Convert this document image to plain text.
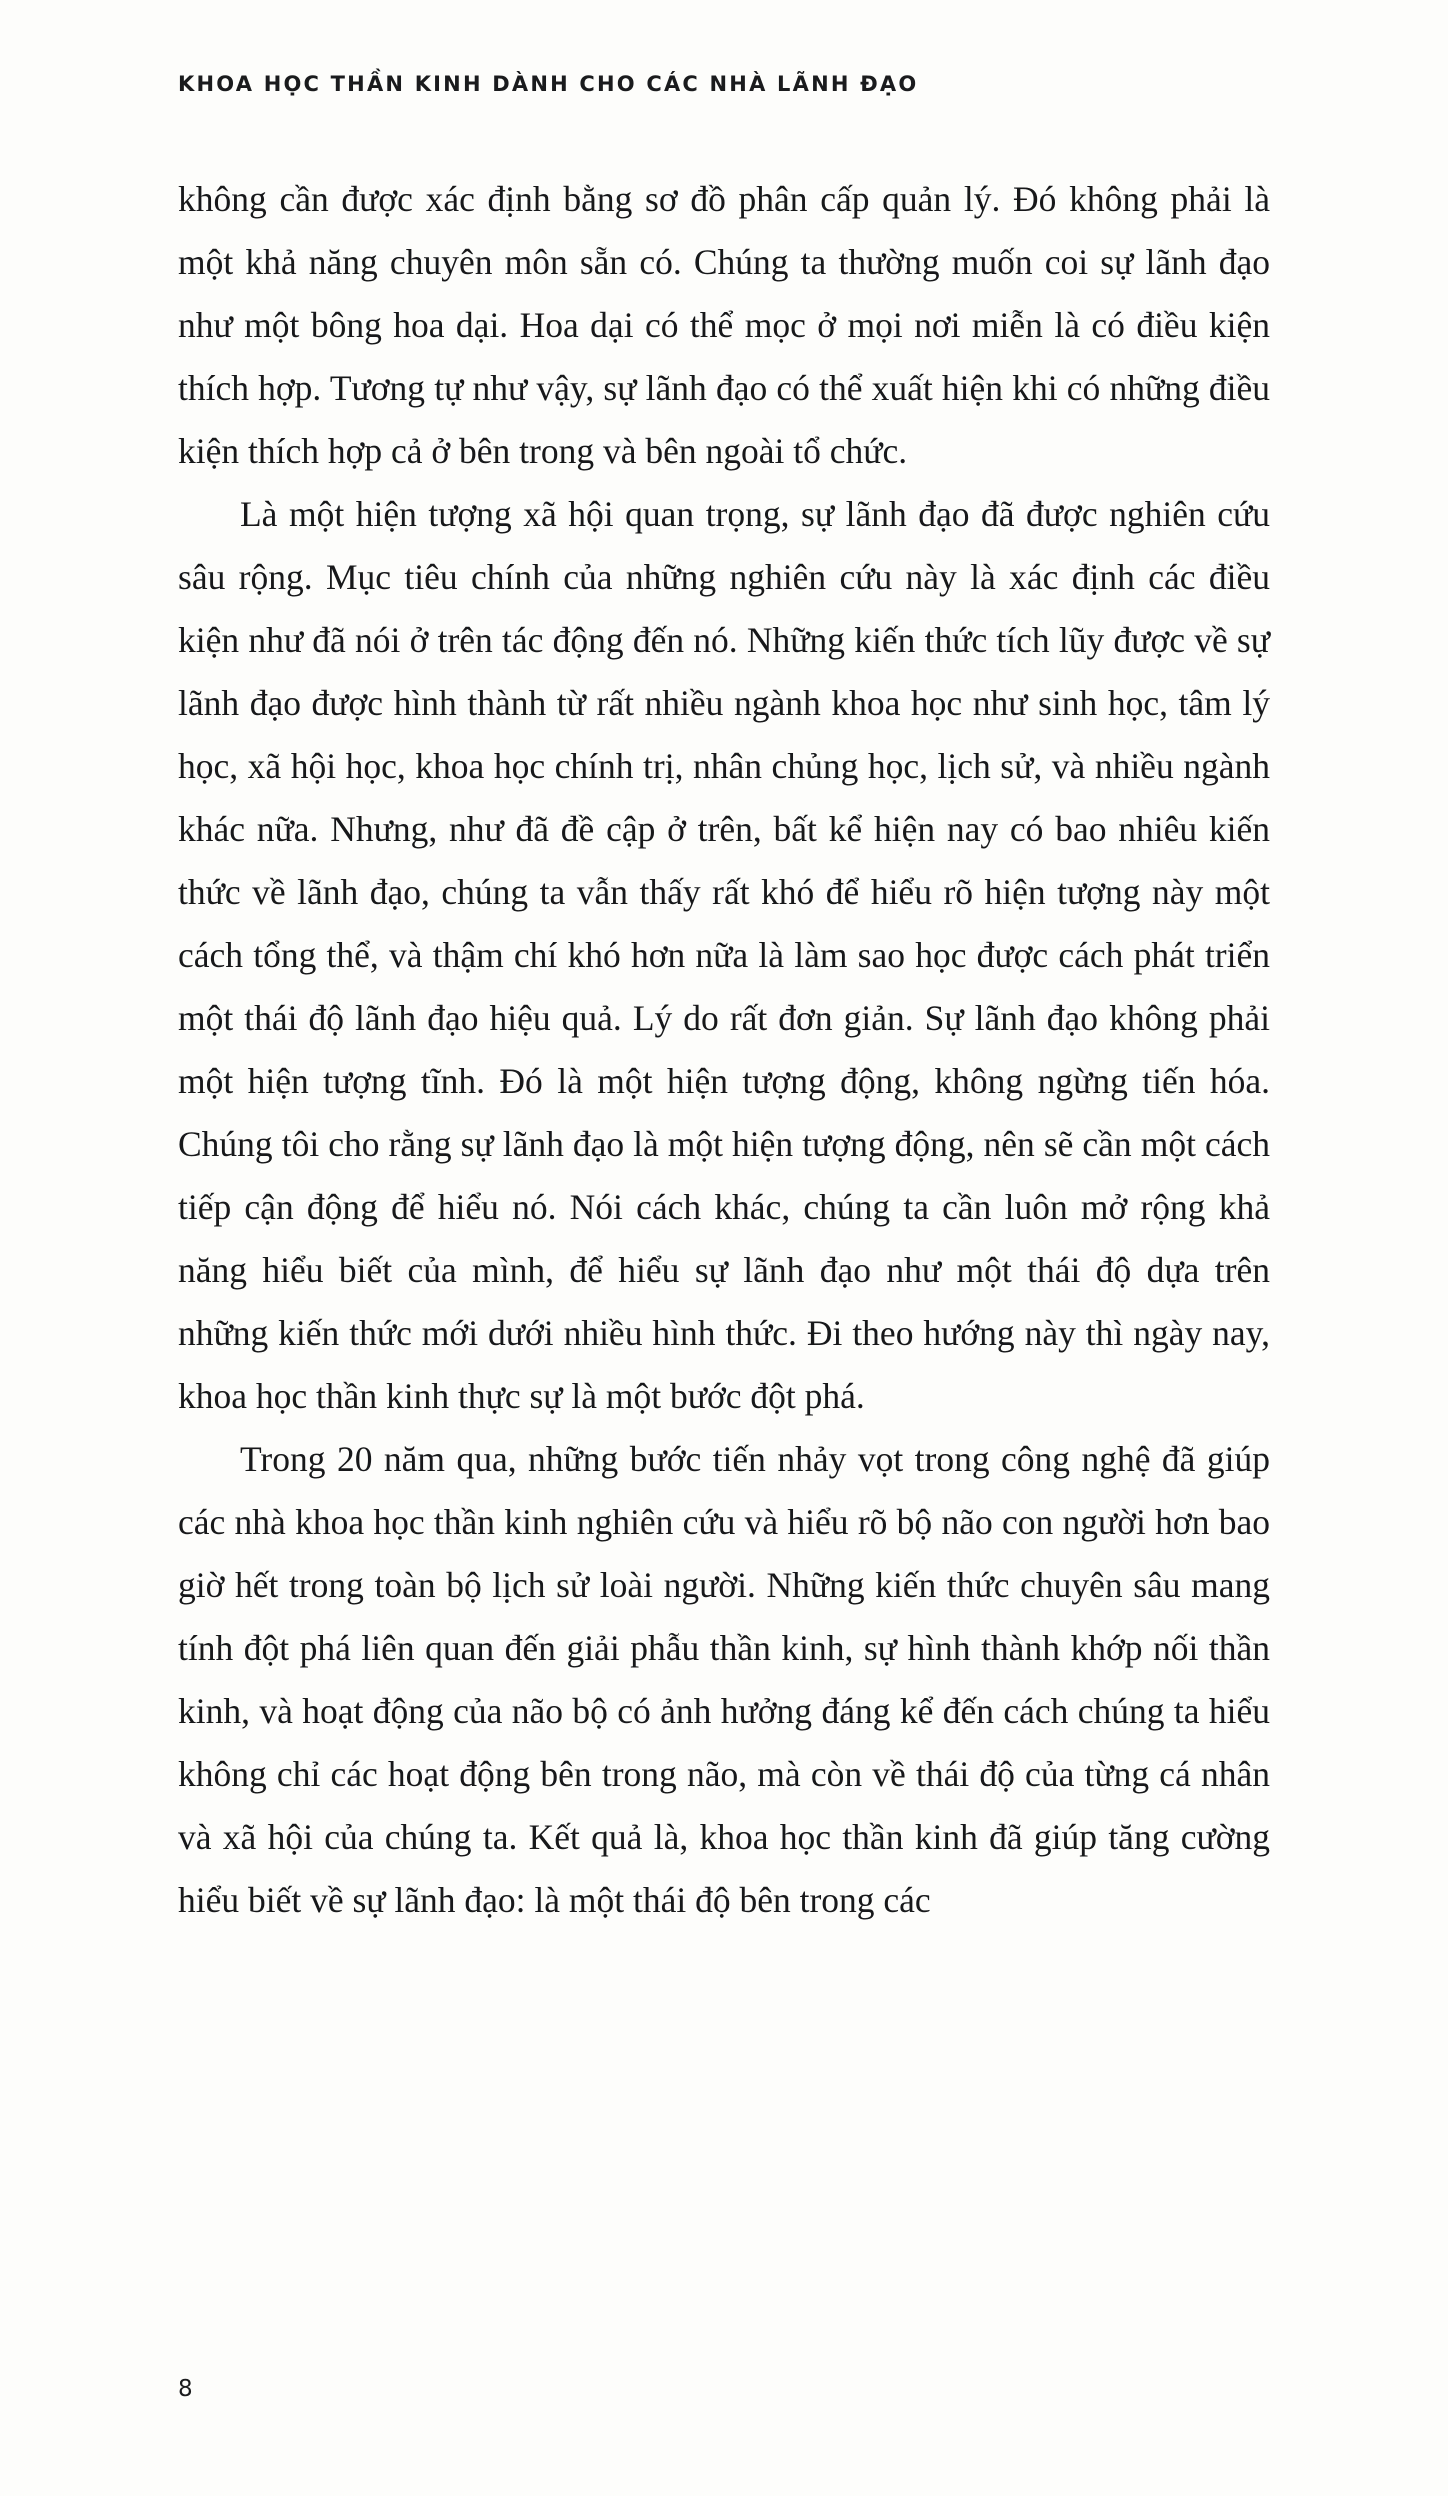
KHOA HỌC THẦN KINH DÀNH CHO CÁC NHÀ LÃNH ĐẠO

không cần được xác định bằng sơ đồ phân cấp quản lý. Đó không phải là một khả năng chuyên môn sẵn có. Chúng ta thường muốn coi sự lãnh đạo như một bông hoa dại. Hoa dại có thể mọc ở mọi nơi miễn là có điều kiện thích hợp. Tương tự như vậy, sự lãnh đạo có thể xuất hiện khi có những điều kiện thích hợp cả ở bên trong và bên ngoài tổ chức.

Là một hiện tượng xã hội quan trọng, sự lãnh đạo đã được nghiên cứu sâu rộng. Mục tiêu chính của những nghiên cứu này là xác định các điều kiện như đã nói ở trên tác động đến nó. Những kiến thức tích lũy được về sự lãnh đạo được hình thành từ rất nhiều ngành khoa học như sinh học, tâm lý học, xã hội học, khoa học chính trị, nhân chủng học, lịch sử, và nhiều ngành khác nữa. Nhưng, như đã đề cập ở trên, bất kể hiện nay có bao nhiêu kiến thức về lãnh đạo, chúng ta vẫn thấy rất khó để hiểu rõ hiện tượng này một cách tổng thể, và thậm chí khó hơn nữa là làm sao học được cách phát triển một thái độ lãnh đạo hiệu quả. Lý do rất đơn giản. Sự lãnh đạo không phải một hiện tượng tĩnh. Đó là một hiện tượng động, không ngừng tiến hóa. Chúng tôi cho rằng sự lãnh đạo là một hiện tượng động, nên sẽ cần một cách tiếp cận động để hiểu nó. Nói cách khác, chúng ta cần luôn mở rộng khả năng hiểu biết của mình, để hiểu sự lãnh đạo như một thái độ dựa trên những kiến thức mới dưới nhiều hình thức. Đi theo hướng này thì ngày nay, khoa học thần kinh thực sự là một bước đột phá.

Trong 20 năm qua, những bước tiến nhảy vọt trong công nghệ đã giúp các nhà khoa học thần kinh nghiên cứu và hiểu rõ bộ não con người hơn bao giờ hết trong toàn bộ lịch sử loài người. Những kiến thức chuyên sâu mang tính đột phá liên quan đến giải phẫu thần kinh, sự hình thành khớp nối thần kinh, và hoạt động của não bộ có ảnh hưởng đáng kể đến cách chúng ta hiểu không chỉ các hoạt động bên trong não, mà còn về thái độ của từng cá nhân và xã hội của chúng ta. Kết quả là, khoa học thần kinh đã giúp tăng cường hiểu biết về sự lãnh đạo: là một thái độ bên trong các

8
